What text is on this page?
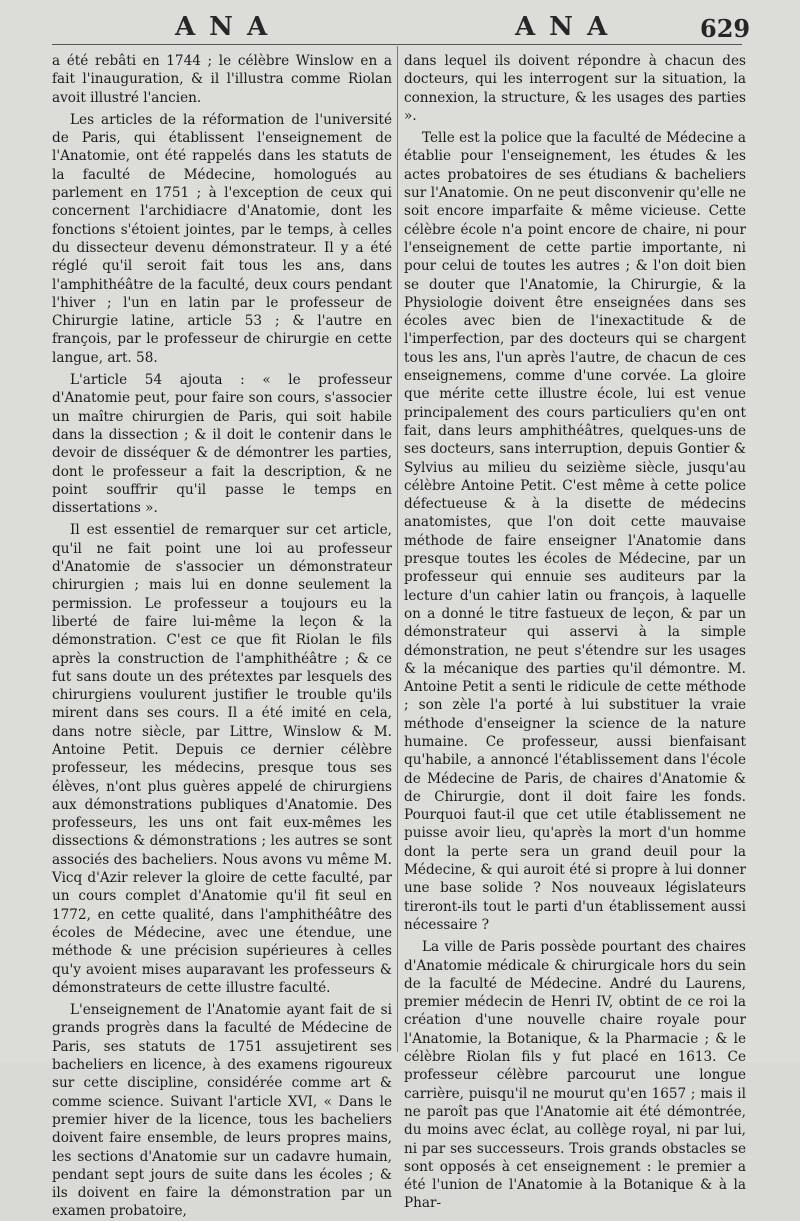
ANA	ANA	629

a été rebâti en 1744 ; le célèbre Winslow en a fait l'inauguration, & il l'illustra comme Riolan avoit illustré l'ancien.

Les articles de la réformation de l'université de Paris, qui établissent l'enseignement de l'Anatomie, ont été rappelés dans les statuts de la faculté de Médecine, homologués au parlement en 1751 ; à l'exception de ceux qui concernent l'archidiacre d'Anatomie, dont les fonctions s'étoient jointes, par le temps, à celles du dissecteur devenu démonstrateur. Il y a été réglé qu'il seroit fait tous les ans, dans l'amphithéâtre de la faculté, deux cours pendant l'hiver ; l'un en latin par le professeur de Chirurgie latine, article 53 ; & l'autre en françois, par le professeur de chirurgie en cette langue, art. 58.

L'article 54 ajouta : « le professeur d'Anatomie peut, pour faire son cours, s'associer un maître chirurgien de Paris, qui soit habile dans la dissection ; & il doit le contenir dans le devoir de disséquer & de démontrer les parties, dont le professeur a fait la description, & ne point souffrir qu'il passe le temps en dissertations ».

Il est essentiel de remarquer sur cet article, qu'il ne fait point une loi au professeur d'Anatomie de s'associer un démonstrateur chirurgien ; mais lui en donne seulement la permission. Le professeur a toujours eu la liberté de faire lui-même la leçon & la démonstration. C'est ce que fit Riolan le fils après la construction de l'amphithéâtre ; & ce fut sans doute un des prétextes par lesquels des chirurgiens voulurent justifier le trouble qu'ils mirent dans ses cours. Il a été imité en cela, dans notre siècle, par Littre, Winslow & M. Antoine Petit. Depuis ce dernier célèbre professeur, les médecins, presque tous ses élèves, n'ont plus guères appelé de chirurgiens aux démonstrations publiques d'Anatomie. Des professeurs, les uns ont fait eux-mêmes les dissections & démonstrations ; les autres se sont associés des bacheliers. Nous avons vu même M. Vicq d'Azir relever la gloire de cette faculté, par un cours complet d'Anatomie qu'il fit seul en 1772, en cette qualité, dans l'amphithéâtre des écoles de Médecine, avec une étendue, une méthode & une précision supérieures à celles qu'y avoient mises auparavant les professeurs & démonstrateurs de cette illustre faculté.

L'enseignement de l'Anatomie ayant fait de si grands progrès dans la faculté de Médecine de Paris, ses statuts de 1751 assujetirent ses bacheliers en licence, à des examens rigoureux sur cette discipline, considérée comme art & comme science. Suivant l'article XVI, « Dans le premier hiver de la licence, tous les bacheliers doivent faire ensemble, de leurs propres mains, les sections d'Anatomie sur un cadavre humain, pendant sept jours de suite dans les écoles ; & ils doivent en faire la démonstration par un examen probatoire,

dans lequel ils doivent répondre à chacun des docteurs, qui les interrogent sur la situation, la connexion, la structure, & les usages des parties ».

Telle est la police que la faculté de Médecine a établie pour l'enseignement, les études & les actes probatoires de ses étudians & bacheliers sur l'Anatomie. On ne peut disconvenir qu'elle ne soit encore imparfaite & même vicieuse. Cette célèbre école n'a point encore de chaire, ni pour l'enseignement de cette partie importante, ni pour celui de toutes les autres ; & l'on doit bien se douter que l'Anatomie, la Chirurgie, & la Physiologie doivent être enseignées dans ses écoles avec bien de l'inexactitude & de l'imperfection, par des docteurs qui se chargent tous les ans, l'un après l'autre, de chacun de ces enseignemens, comme d'une corvée. La gloire que mérite cette illustre école, lui est venue principalement des cours particuliers qu'en ont fait, dans leurs amphithéâtres, quelques-uns de ses docteurs, sans interruption, depuis Gontier & Sylvius au milieu du seizième siècle, jusqu'au célèbre Antoine Petit. C'est même à cette police défectueuse & à la disette de médecins anatomistes, que l'on doit cette mauvaise méthode de faire enseigner l'Anatomie dans presque toutes les écoles de Médecine, par un professeur qui ennuie ses auditeurs par la lecture d'un cahier latin ou françois, à laquelle on a donné le titre fastueux de leçon, & par un démonstrateur qui asservi à la simple démonstration, ne peut s'étendre sur les usages & la mécanique des parties qu'il démontre. M. Antoine Petit a senti le ridicule de cette méthode ; son zèle l'a porté à lui substituer la vraie méthode d'enseigner la science de la nature humaine. Ce professeur, aussi bienfaisant qu'habile, a annoncé l'établissement dans l'école de Médecine de Paris, de chaires d'Anatomie & de Chirurgie, dont il doit faire les fonds. Pourquoi faut-il que cet utile établissement ne puisse avoir lieu, qu'après la mort d'un homme dont la perte sera un grand deuil pour la Médecine, & qui auroit été si propre à lui donner une base solide ? Nos nouveaux législateurs tireront-ils tout le parti d'un établissement aussi nécessaire ?

La ville de Paris possède pourtant des chaires d'Anatomie médicale & chirurgicale hors du sein de la faculté de Médecine. André du Laurens, premier médecin de Henri IV, obtint de ce roi la création d'une nouvelle chaire royale pour l'Anatomie, la Botanique, & la Pharmacie ; & le célèbre Riolan fils y fut placé en 1613. Ce professeur célèbre parcourut une longue carrière, puisqu'il ne mourut qu'en 1657 ; mais il ne paroît pas que l'Anatomie ait été démontrée, du moins avec éclat, au collège royal, ni par lui, ni par ses successeurs. Trois grands obstacles se sont opposés à cet enseignement : le premier a été l'union de l'Anatomie à la Botanique & à la Phar-
